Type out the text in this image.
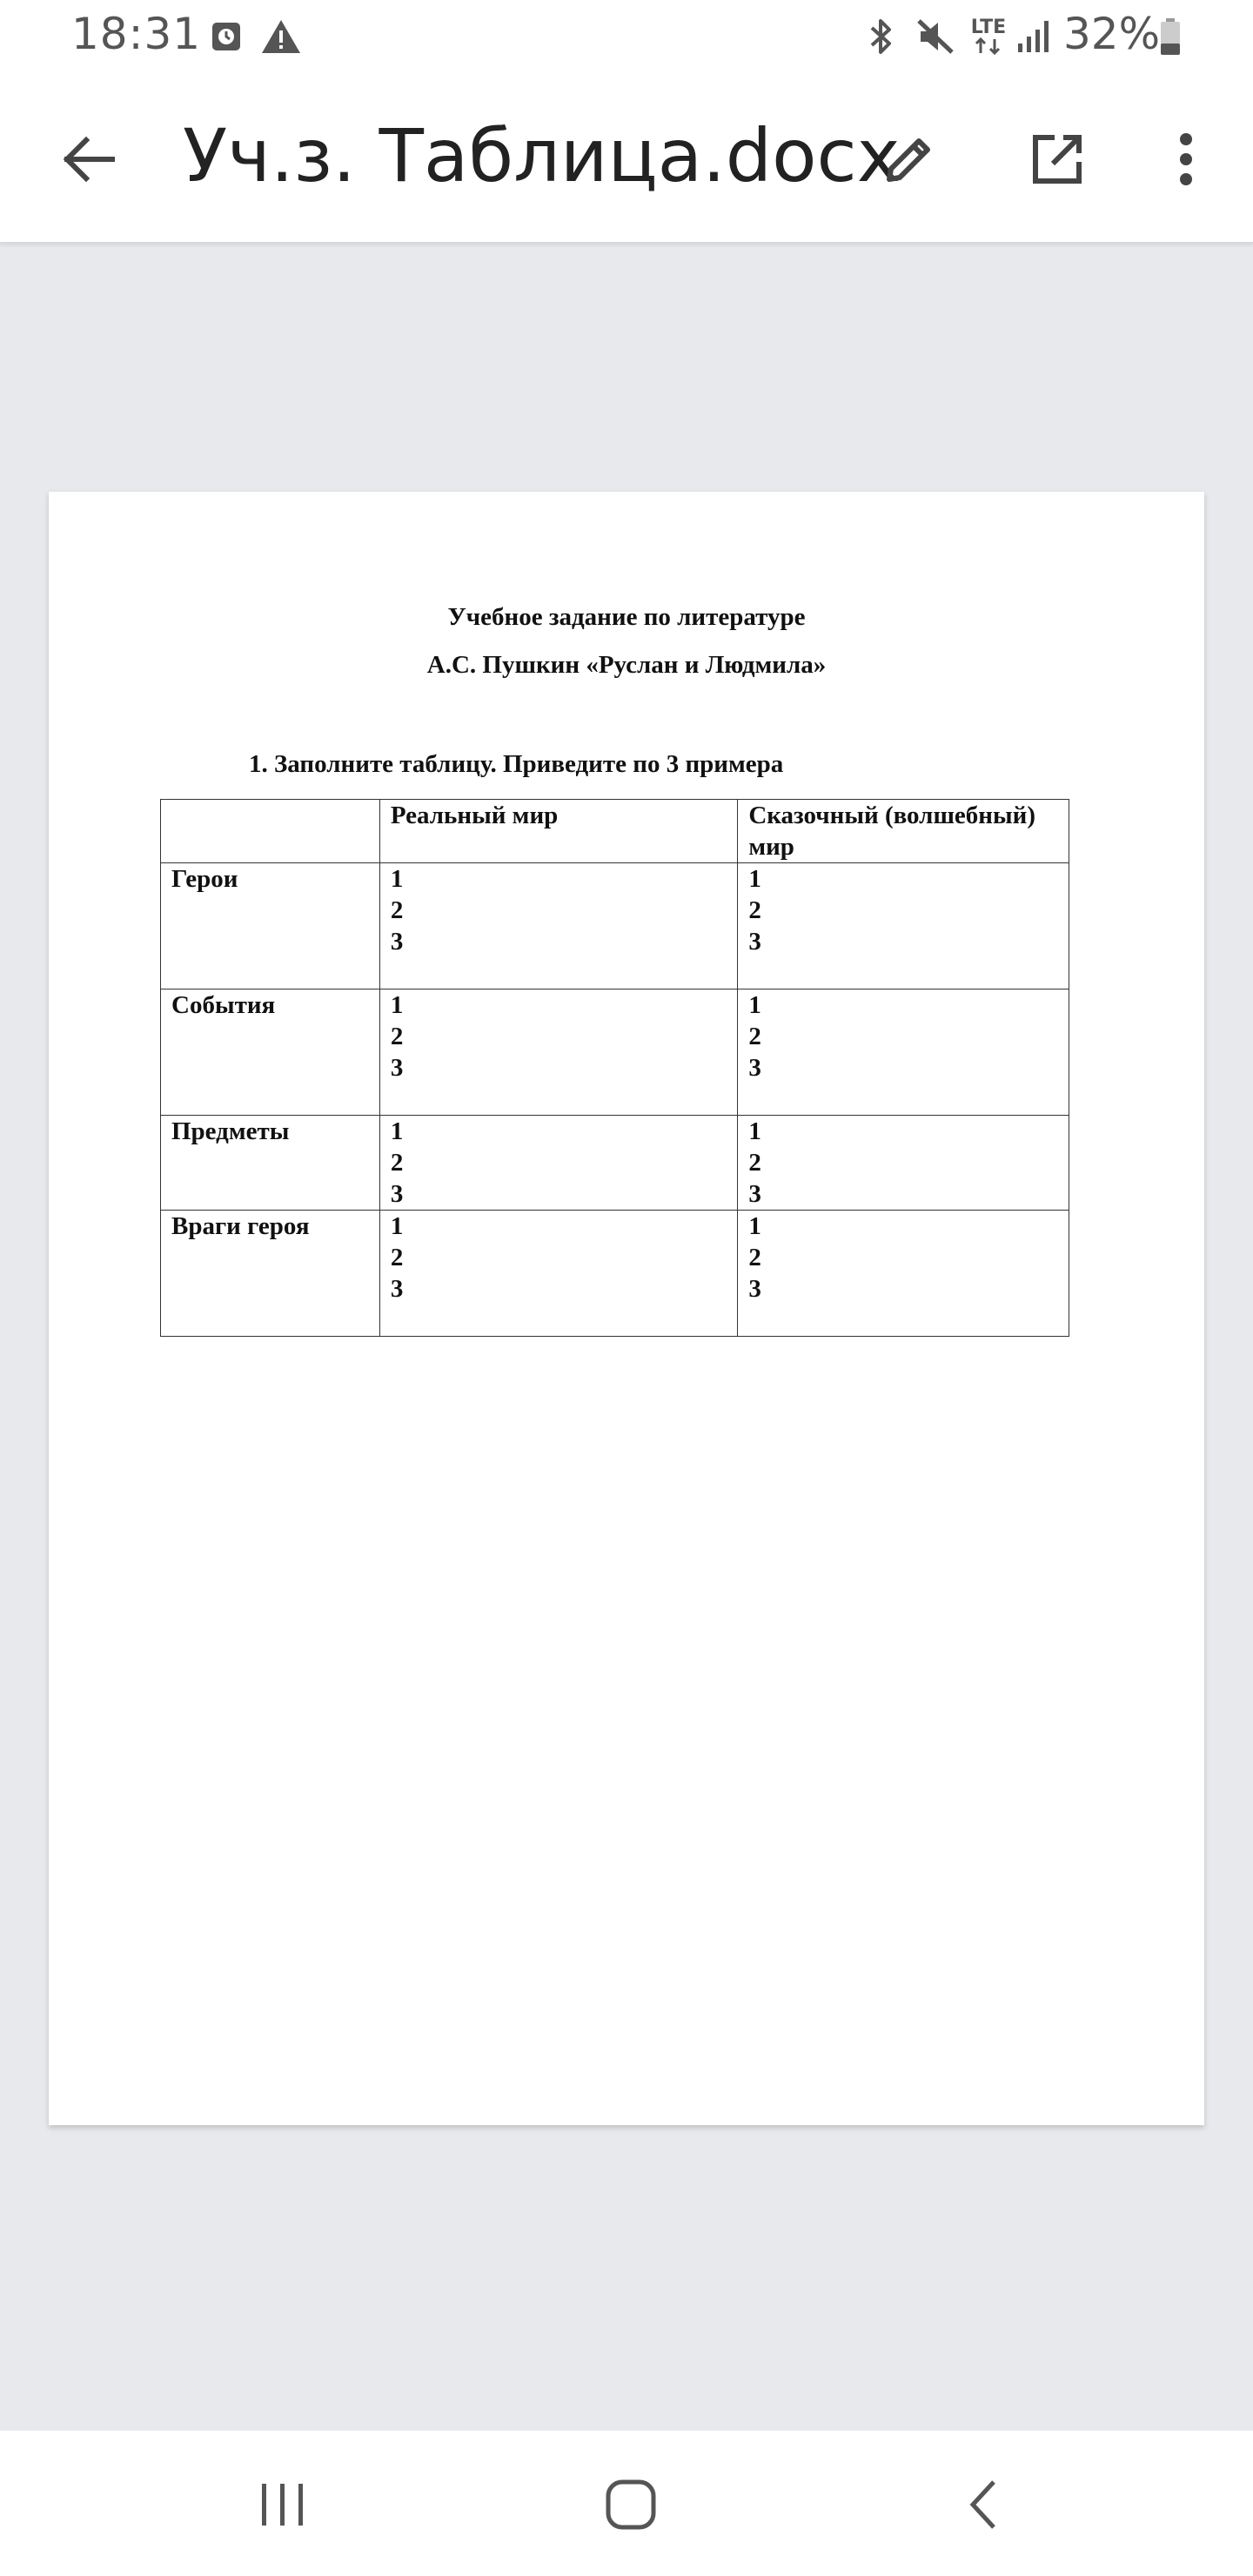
18:31	LTE 32%
Уч.з. Таблица.docx
Учебное задание по литературе
А.С. Пушкин «Руслан и Людмила»
1. Заполните таблицу. Приведите по 3 примера
	Реальный мир	Сказочный (волшебный) мир
Герои	1
2
3	1
2
3

События	1
2
3	1
2
3

Предметы	1
2
3	1
2
3

Враги героя	1
2
3	1
2
3
